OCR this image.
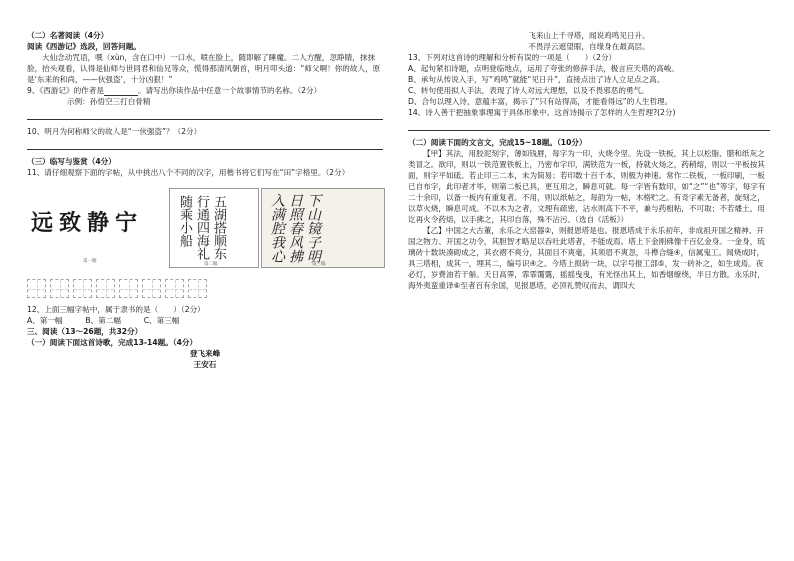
（二）名著阅读（4分）

阅读《西游记》选段，回答问题。

大仙念动咒语，噀（xùn，含在口中）一口水，喷在脸上，随即解了睡魔。二人方醒，忽睁睛，抹抹脸，抬头观看，认得是仙师与世同君和仙兄等众，慌得那清风朝首，明月叩头道：“师父啊！你的故人，原是‘东来的和尚，——伙强盗’，十分凶狠！”

9、《西游记》的作者是	。请写出你读作品中任意一个故事情节的名称。（2分）

示例：孙悟空三打白骨精

10、明月为何称师父的故人是“一伙强盗”？（2分）

（三）临写与鉴赏（4分）

11、请仔细观察下面的字帖，从中挑出八个不同的汉字，用楷书将它们写在“田”字格里。（2分）

远致静宁
第一幅
五湖搭顺东行通四海礼随乘小船
第二幅
下山镜子明日照春风拂入满腔我心
第三幅

12、上面三幅字帖中，属于隶书的是（　　）（2分）

A、第一幅　　　B、第二幅　　　C、第三幅

三、阅读（13～26题，共32分）

（一）阅读下面这首诗歌，完成13-14题。（4分）

登飞来峰

王安石

飞来山上千寻塔，闻说鸡鸣见日升。

不畏浮云遮望眼，自缘身在最高层。

13、下列对这首诗的理解和分析有误的一项是（　　）（2分）

A、起句紧扣诗题，点明登临地点，运用了夸张的修辞手法，极言应天塔的高峻。

B、承句从传说入手，写“鸡鸣”就能“见日升”，直接点出了诗人立足点之高。

C、转句使用拟人手法，表现了诗人对远大理想，以及不畏邪恶的勇气。

D、合句以理入诗，意蕴丰富，揭示了“只有站得高，才能看得远”的人生哲理。

14、诗人善于把抽象事理寓于具体形象中。这首诗揭示了怎样的人生哲理?(2分)

（二）阅读下面的文言文，完成15~18题。（10分）

【甲】其法，用胶泥刻字，薄如钱唇，每字为一印，火烧令坚。先设一铁板，其上以松脂、腊和纸灰之类冒之。欲印，则以一铁范置铁板上，乃密布字印，满铁范为一板，持就火炀之，药稍熔，则以一平板按其面，则字平如砥。若止印三二本，未为简易；若印数十百千本，则极为神速。常作二铁板，一板印刷，一板已自布字，此印者才毕，则第二板已具，更互用之，瞬息可就。每一字皆有数印，如“之”“也”等字，每字有二十余印，以备一板内有重复者。不用，则以纸帖之，每韵为一帖，木格贮之。有奇字素无备者，旋刻之，以草火烧，瞬息可成。不以木为之者，文理有疏密，沾水则高下不平，兼与药相粘，不可取；不若燔土，用讫再火令药熔，以手拂之，其印自落，殊不沾污。（选自《活板》）

【乙】中国之大古董，永乐之大窑器②，则报恩塔是也。报恩塔成于永乐初年，非成祖开国之精神、开国之物力、开国之功令，其胆智才略足以吞吐此塔者，不能成焉。塔上下金刚佛像千百亿金身。一金身，琉璃砖十数块凑砌成之，其衣褶不爽分，其面目不爽毫，其须眉不爽忽，斗榫合缝④，信属鬼工。闻烧成时，具三塔相，成其一，埋其二，编号识④之。今塔上损砖一块，以字号报工部⑤，发一砖补之，如生成焉。夜必灯，岁费油若干斛。天日高霁，霏霏霭霭，摇摇曳曳，有光怪出其上，如香烟缭绕，半日方散。永乐时，海外夷蛮重译⑥至者百有余国，见报恩塔，必顶礼赞叹而去，谓四大
